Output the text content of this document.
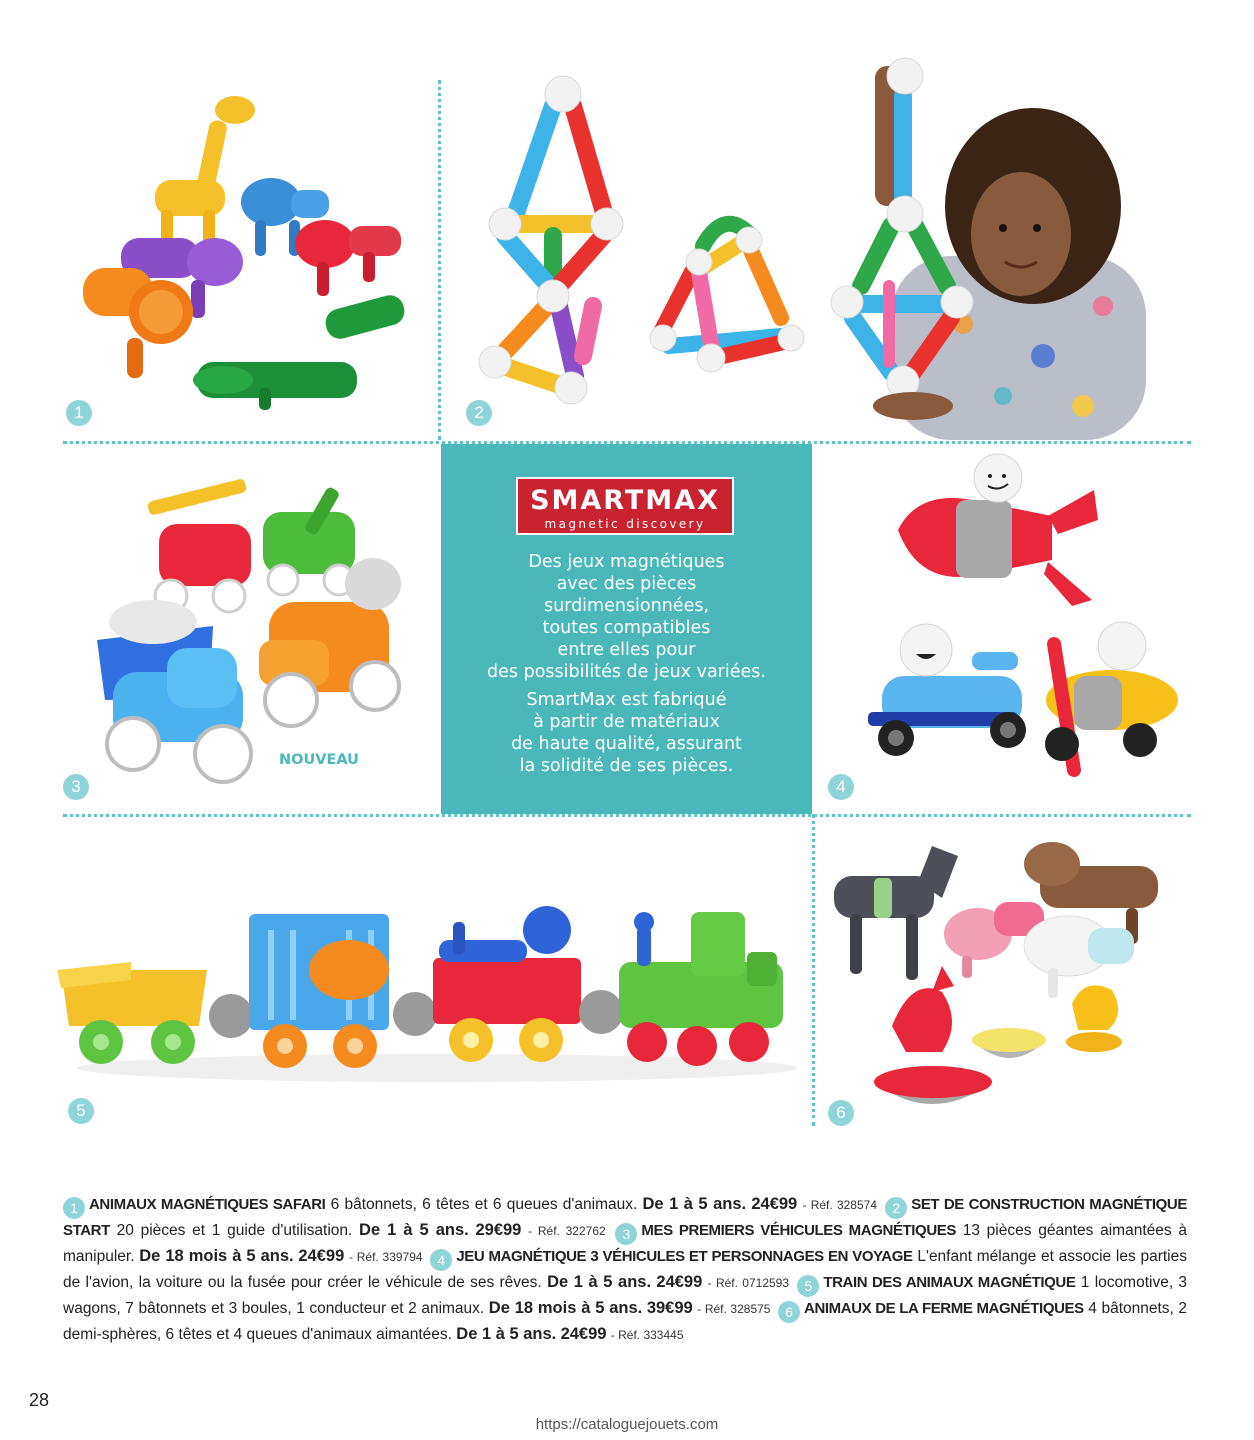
1	2
NOUVEAU
3
SMARTMAX
magnetic discovery
Des jeux magnétiques
avec des pièces
surdimensionnées,
toutes compatibles
entre elles pour
des possibilités de jeux variées.
SmartMax est fabriqué
à partir de matériaux
de haute qualité, assurant
la solidité de ses pièces.
4
5	6
1 ANIMAUX MAGNÉTIQUES SAFARI 6 bâtonnets, 6 têtes et 6 queues d'animaux. De 1 à 5 ans. 24€99 - Réf. 328574 2 SET DE CONSTRUCTION MAGNÉTIQUE START 20 pièces et 1 guide d'utilisation. De 1 à 5 ans. 29€99 - Réf. 322762 3 MES PREMIERS VÉHICULES MAGNÉTIQUES 13 pièces géantes aimantées à manipuler. De 18 mois à 5 ans. 24€99 - Réf. 339794 4 JEU MAGNÉTIQUE 3 VÉHICULES ET PERSONNAGES EN VOYAGE L'enfant mélange et associe les parties de l'avion, la voiture ou la fusée pour créer le véhicule de ses rêves. De 1 à 5 ans. 24€99 - Réf. 0712593 5 TRAIN DES ANIMAUX MAGNÉTIQUE 1 locomotive, 3 wagons, 7 bâtonnets et 3 boules, 1 conducteur et 2 animaux. De 18 mois à 5 ans. 39€99 - Réf. 328575 6 ANIMAUX DE LA FERME MAGNÉTIQUES 4 bâtonnets, 2 demi-sphères, 6 têtes et 4 queues d'animaux aimantées. De 1 à 5 ans. 24€99 - Réf. 333445
28
https://cataloguejouets.com
